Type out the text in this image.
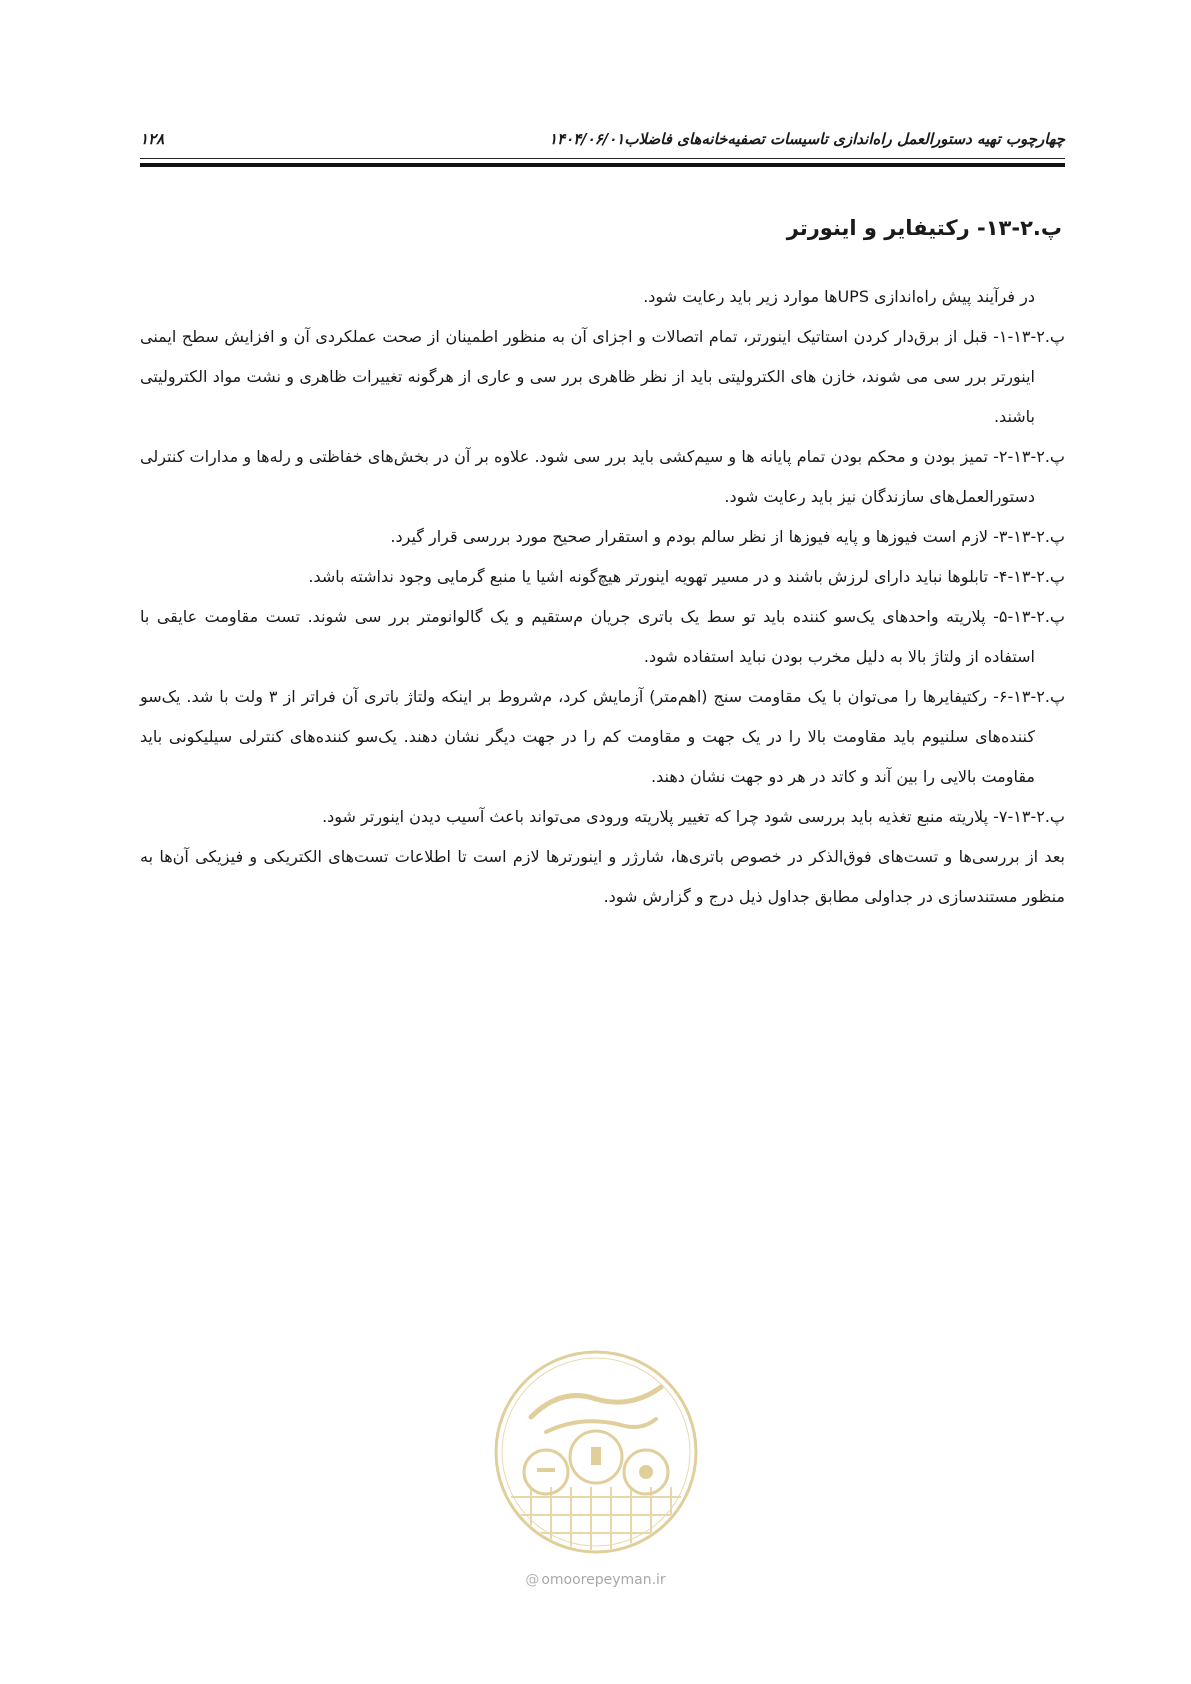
چهارچوب تهیه دستورالعمل راه‌اندازی تاسیسات تصفیه‌خانه‌های فاضلاب۱۴۰۴/۰۶/۰۱
۱۲۸
پ.۲-۱۳- رکتیفایر و اینورتر

در فرآیند پیش راه‌اندازی UPSها موارد زیر باید رعایت شود.

پ.۲-۱۳-۱- قبل از برق‌دار کردن استاتیک اینورتر، تمام اتصالات و اجزای آن به منظور اطمینان از صحت عملکردی آن و افزایش سطح ایمنی اینورتر برر سی می شوند، خازن های الکترولیتی باید از نظر ظاهری برر سی و عاری از هرگونه تغییرات ظاهری و نشت مواد الکترولیتی باشند.

پ.۲-۱۳-۲- تمیز بودن و محکم بودن تمام پایانه ها و سیم‌کشی باید برر سی شود. علاوه بر آن در بخش‌های خفاظتی و رله‌ها و مدارات کنترلی دستورالعمل‌های سازندگان نیز باید رعایت شود.

پ.۲-۱۳-۳- لازم است فیوزها و پایه فیوزها از نظر سالم بودم و استقرار صحیح مورد بررسی قرار گیرد.

پ.۲-۱۳-۴- تابلوها نباید دارای لرزش باشند و در مسیر تهویه اینورتر هیچ‌گونه اشیا یا منبع گرمایی وجود نداشته باشد.

پ.۲-۱۳-۵- پلاریته واحدهای یک‌سو کننده باید تو سط یک باتری جریان م‌ستقیم و یک گالوانومتر برر سی شوند. تست مقاومت عایقی با استفاده از ولتاژ بالا به دلیل مخرب بودن نباید استفاده شود.

پ.۲-۱۳-۶- رکتیفایرها را می‌توان با یک مقاومت سنج (اهم‌متر) آزمایش کرد، م‌شروط بر اینکه ولتاژ باتری آن فراتر از ۳ ولت با شد. یک‌سو کننده‌های سلنیوم باید مقاومت بالا را در یک جهت و مقاومت کم را در جهت دیگر نشان دهند. یک‌سو کننده‌های کنترلی سیلیکونی باید مقاومت بالایی را بین آند و کاتد در هر دو جهت نشان دهند.

پ.۲-۱۳-۷- پلاریته منبع تغذیه باید بررسی شود چرا که تغییر پلاریته ورودی می‌تواند باعث آسیب دیدن اینورتر شود.

بعد از بررسی‌ها و تست‌های فوق‌الذکر در خصوص باتری‌ها، شارژر و اینورترها لازم است تا اطلاعات تست‌های الکتریکی و فیزیکی آن‌ها به منظور مستندسازی در جداولی مطابق جداول ذیل درج و گزارش شود.

@ omoorepeyman.ir
